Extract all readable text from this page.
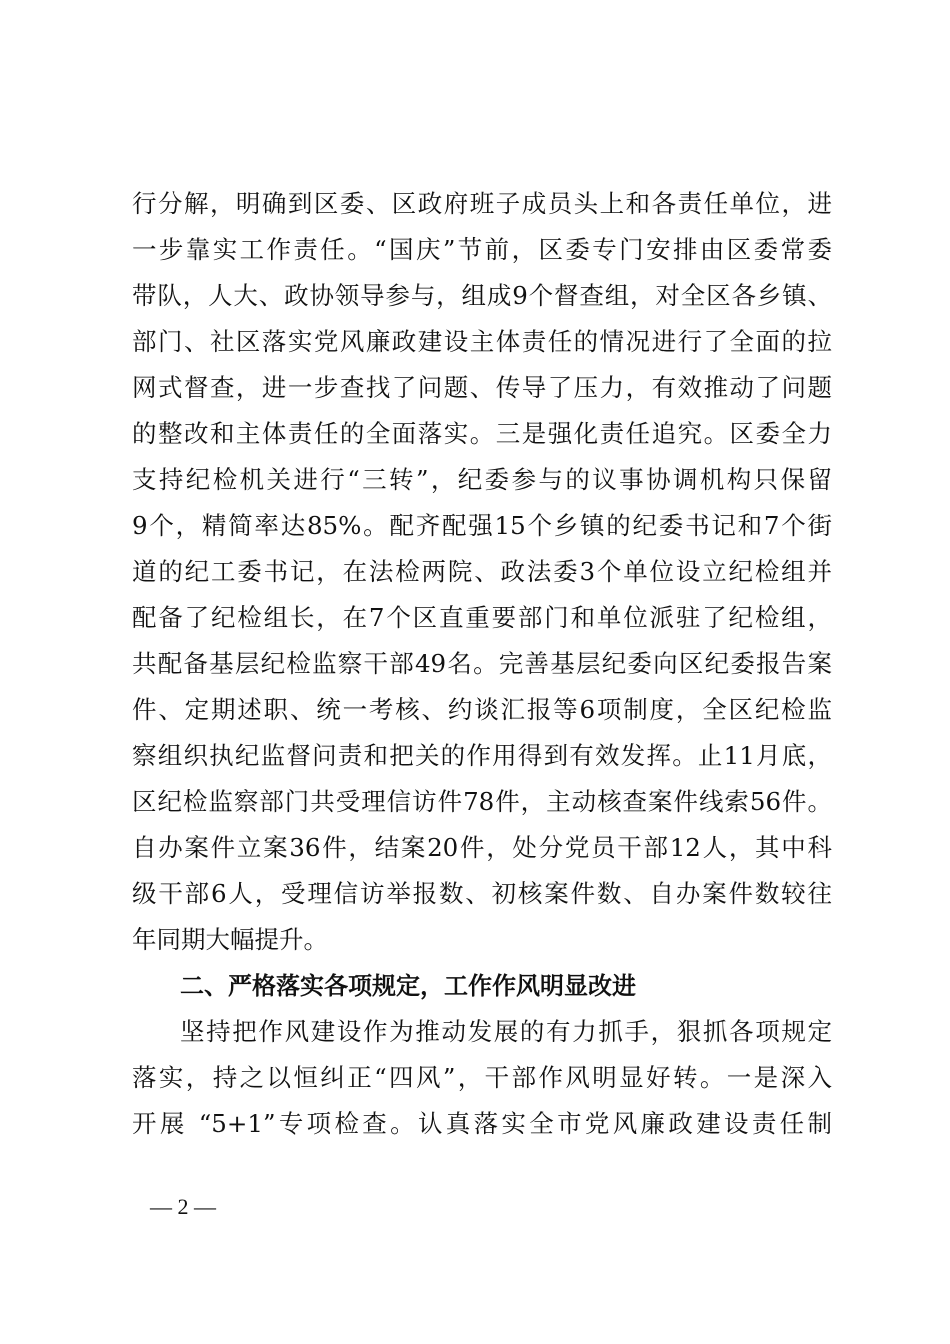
行分解，明确到区委、区政府班子成员头上和各责任单位，进
一步靠实工作责任。“国庆”节前，区委专门安排由区委常委
带队，人大、政协领导参与，组成9个督查组，对全区各乡镇、
部门、社区落实党风廉政建设主体责任的情况进行了全面的拉
网式督查，进一步查找了问题、传导了压力，有效推动了问题
的整改和主体责任的全面落实。三是强化责任追究。区委全力
支持纪检机关进行“三转”，纪委参与的议事协调机构只保留
9个，精简率达85%。配齐配强15个乡镇的纪委书记和7个街
道的纪工委书记，在法检两院、政法委3个单位设立纪检组并
配备了纪检组长，在7个区直重要部门和单位派驻了纪检组，
共配备基层纪检监察干部49名。完善基层纪委向区纪委报告案
件、定期述职、统一考核、约谈汇报等6项制度，全区纪检监
察组织执纪监督问责和把关的作用得到有效发挥。止11月底，
区纪检监察部门共受理信访件78件，主动核查案件线索56件。
自办案件立案36件，结案20件，处分党员干部12人，其中科
级干部6人，受理信访举报数、初核案件数、自办案件数较往
年同期大幅提升。
二、严格落实各项规定，工作作风明显改进
坚持把作风建设作为推动发展的有力抓手，狠抓各项规定
落实，持之以恒纠正“四风”，干部作风明显好转。一是深入
开展 “5+1”专项检查。认真落实全市党风廉政建设责任制
— 2 —
